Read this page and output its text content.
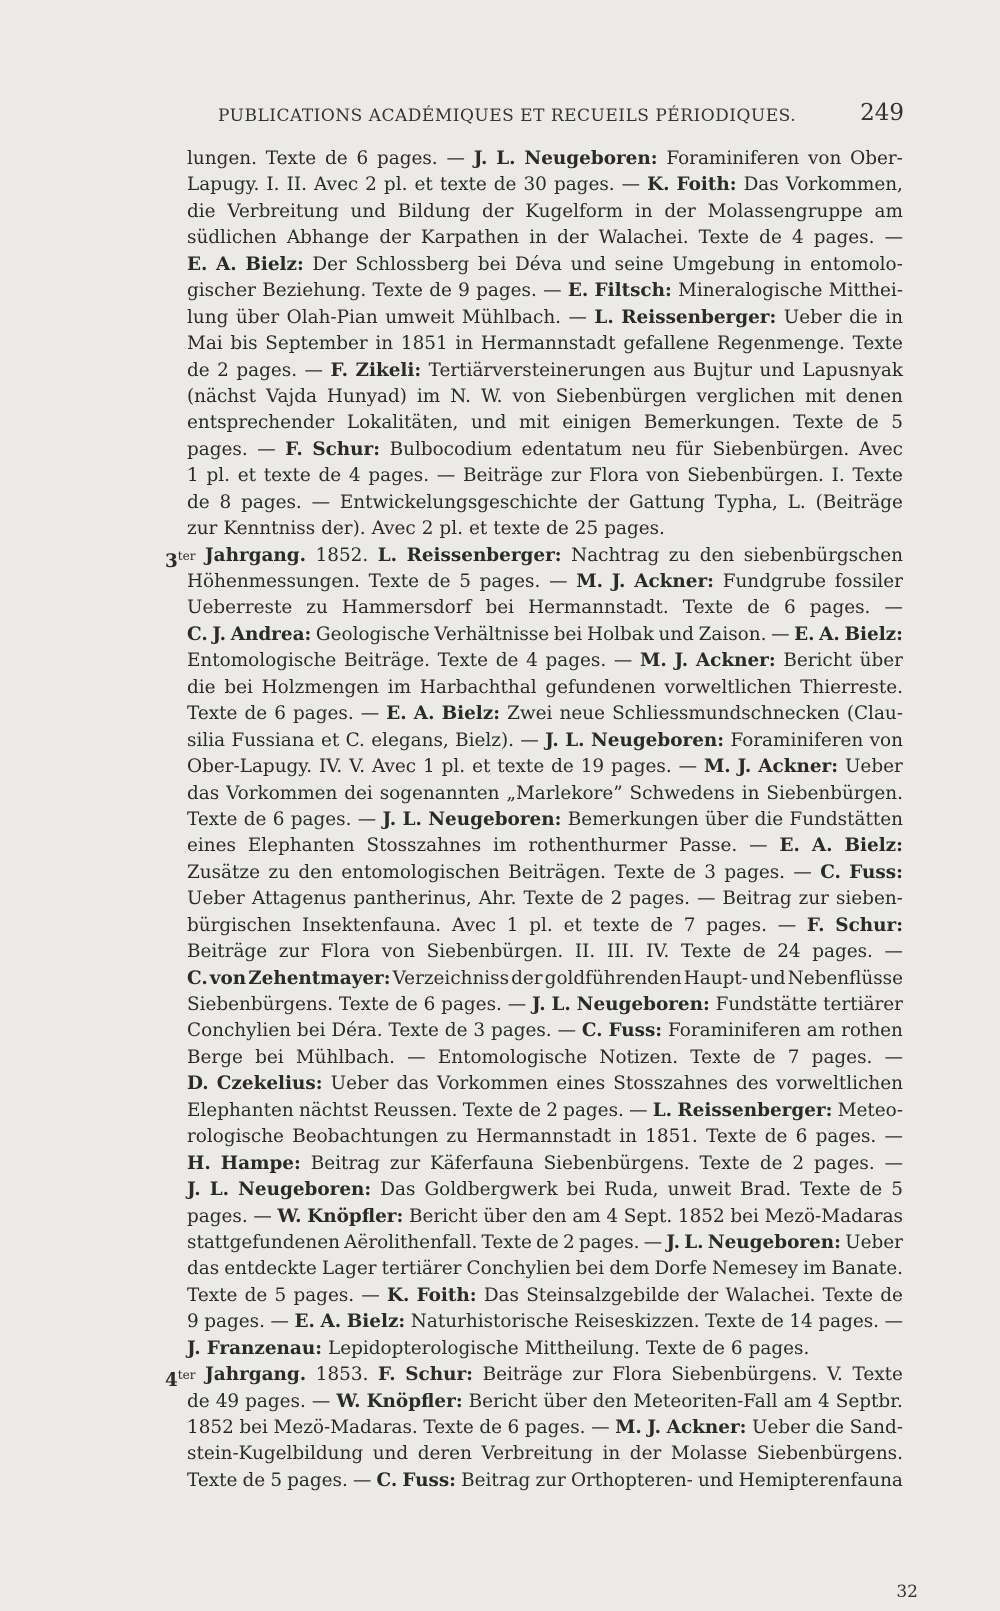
PUBLICATIONS ACADÉMIQUES ET RECUEILS PÉRIODIQUES.	249
lungen. Texte de 6 pages. — J. L. Neugeboren: Foraminiferen von Ober-
Lapugy. I. II. Avec 2 pl. et texte de 30 pages. — K. Foith: Das Vorkommen,
die Verbreitung und Bildung der Kugelform in der Molassengruppe am
südlichen Abhange der Karpathen in der Walachei. Texte de 4 pages. —
E. A. Bielz: Der Schlossberg bei Déva und seine Umgebung in entomolo-
gischer Beziehung. Texte de 9 pages. — E. Filtsch: Mineralogische Mitthei-
lung über Olah-Pian umweit Mühlbach. — L. Reissenberger: Ueber die in
Mai bis September in 1851 in Hermannstadt gefallene Regenmenge. Texte
de 2 pages. — F. Zikeli: Tertiärversteinerungen aus Bujtur und Lapusnyak
(nächst Vajda Hunyad) im N. W. von Siebenbürgen verglichen mit denen
entsprechender Lokalitäten, und mit einigen Bemerkungen. Texte de 5
pages. — F. Schur: Bulbocodium edentatum neu für Siebenbürgen. Avec
1 pl. et texte de 4 pages. — Beiträge zur Flora von Siebenbürgen. I. Texte
de 8 pages. — Entwickelungsgeschichte der Gattung Typha, L. (Beiträge
zur Kenntniss der). Avec 2 pl. et texte de 25 pages.
$3^{ter}$ Jahrgang. 1852. L. Reissenberger: Nachtrag zu den siebenbürgschen
Höhenmessungen. Texte de 5 pages. — M. J. Ackner: Fundgrube fossiler
Ueberreste zu Hammersdorf bei Hermannstadt. Texte de 6 pages. —
C. J. Andrea: Geologische Verhältnisse bei Holbak und Zaison. — E. A. Bielz:
Entomologische Beiträge. Texte de 4 pages. — M. J. Ackner: Bericht über
die bei Holzmengen im Harbachthal gefundenen vorweltlichen Thierreste.
Texte de 6 pages. — E. A. Bielz: Zwei neue Schliessmundschnecken (Clau-
silia Fussiana et C. elegans, Bielz). — J. L. Neugeboren: Foraminiferen von
Ober-Lapugy. IV. V. Avec 1 pl. et texte de 19 pages. — M. J. Ackner: Ueber
das Vorkommen dei sogenannten „Marlekore” Schwedens in Siebenbürgen.
Texte de 6 pages. — J. L. Neugeboren: Bemerkungen über die Fundstätten
eines Elephanten Stosszahnes im rothenthurmer Passe. — E. A. Bielz:
Zusätze zu den entomologischen Beiträgen. Texte de 3 pages. — C. Fuss:
Ueber Attagenus pantherinus, Ahr. Texte de 2 pages. — Beitrag zur sieben-
bürgischen Insektenfauna. Avec 1 pl. et texte de 7 pages. — F. Schur:
Beiträge zur Flora von Siebenbürgen. II. III. IV. Texte de 24 pages. —
C. von Zehentmayer: Verzeichniss der goldführenden Haupt- und Nebenflüsse
Siebenbürgens. Texte de 6 pages. — J. L. Neugeboren: Fundstätte tertiärer
Conchylien bei Déra. Texte de 3 pages. — C. Fuss: Foraminiferen am rothen
Berge bei Mühlbach. — Entomologische Notizen. Texte de 7 pages. —
D. Czekelius: Ueber das Vorkommen eines Stosszahnes des vorweltlichen
Elephanten nächtst Reussen. Texte de 2 pages. — L. Reissenberger: Meteo-
rologische Beobachtungen zu Hermannstadt in 1851. Texte de 6 pages. —
H. Hampe: Beitrag zur Käferfauna Siebenbürgens. Texte de 2 pages. —
J. L. Neugeboren: Das Goldbergwerk bei Ruda, unweit Brad. Texte de 5
pages. — W. Knöpfler: Bericht über den am 4 Sept. 1852 bei Mezö-Madaras
stattgefundenen Aërolithenfall. Texte de 2 pages. — J. L. Neugeboren: Ueber
das entdeckte Lager tertiärer Conchylien bei dem Dorfe Nemesey im Banate.
Texte de 5 pages. — K. Foith: Das Steinsalzgebilde der Walachei. Texte de
9 pages. — E. A. Bielz: Naturhistorische Reiseskizzen. Texte de 14 pages. —
J. Franzenau: Lepidopterologische Mittheilung. Texte de 6 pages.
$4^{ter}$ Jahrgang. 1853. F. Schur: Beiträge zur Flora Siebenbürgens. V. Texte
de 49 pages. — W. Knöpfler: Bericht über den Meteoriten-Fall am 4 Septbr.
1852 bei Mezö-Madaras. Texte de 6 pages. — M. J. Ackner: Ueber die Sand-
stein-Kugelbildung und deren Verbreitung in der Molasse Siebenbürgens.
Texte de 5 pages. — C. Fuss: Beitrag zur Orthopteren- und Hemipterenfauna
32
